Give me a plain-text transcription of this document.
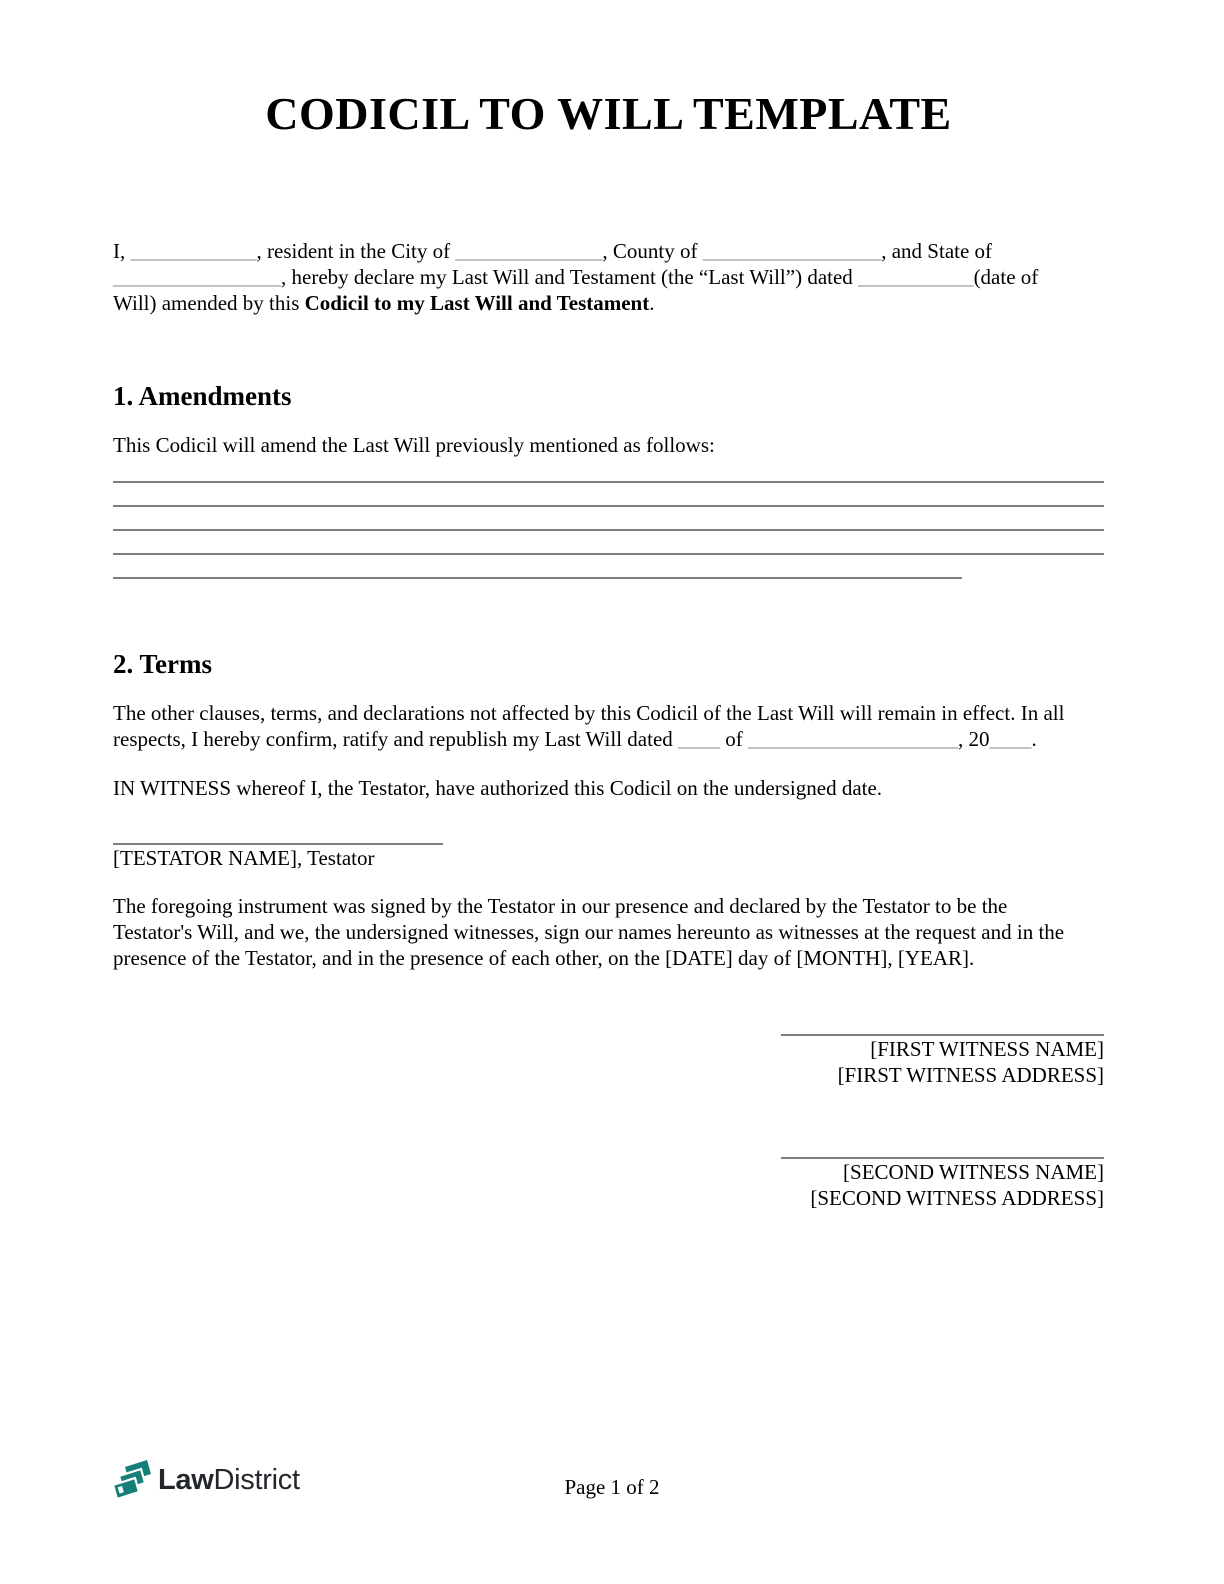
CODICIL TO WILL TEMPLATE
I, ____________, resident in the City of ______________, County of _________________, and State of
________________, hereby declare my Last Will and Testament (the “Last Will”) dated ___________(date of
Will) amended by this Codicil to my Last Will and Testament.
1. Amendments
This Codicil will amend the Last Will previously mentioned as follows:
2. Terms
The other clauses, terms, and declarations not affected by this Codicil of the Last Will will remain in effect. In all
respects, I hereby confirm, ratify and republish my Last Will dated ____ of ____________________, 20____.
IN WITNESS whereof I, the Testator, have authorized this Codicil on the undersigned date.
[TESTATOR NAME], Testator
The foregoing instrument was signed by the Testator in our presence and declared by the Testator to be the
Testator's Will, and we, the undersigned witnesses, sign our names hereunto as witnesses at the request and in the
presence of the Testator, and in the presence of each other, on the [DATE] day of [MONTH], [YEAR].
[FIRST WITNESS NAME]
[FIRST WITNESS ADDRESS]
[SECOND WITNESS NAME]
[SECOND WITNESS ADDRESS]
LawDistrict	Page 1 of 2
